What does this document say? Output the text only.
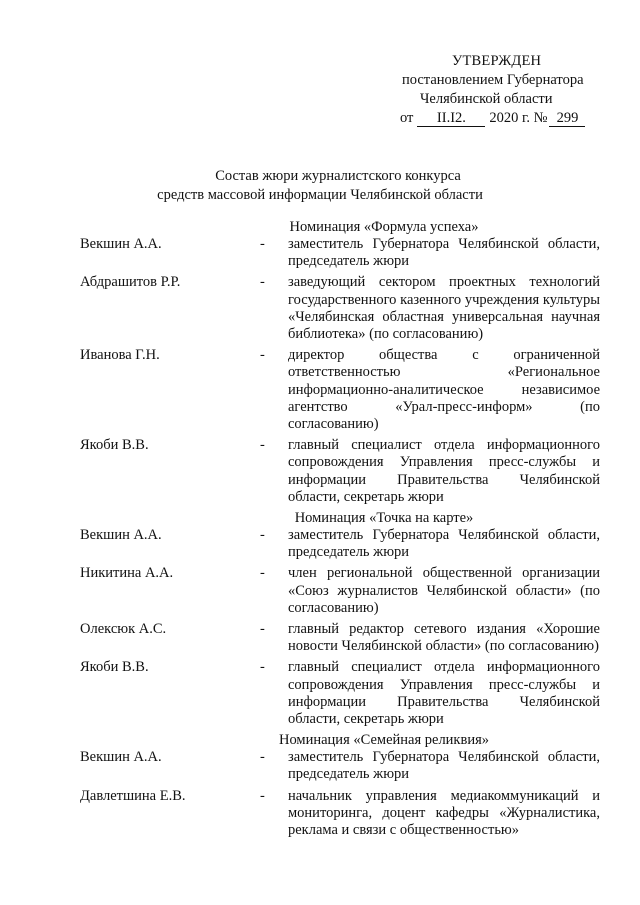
УТВЕРЖДЕН
постановлением Губернатора
Челябинской области
от II.I2. 2020 г. № 299
Состав жюри журналистского конкурса
средств массовой информации Челябинской области
Номинация «Формула успеха»
Векшин А.А.	-	заместитель Губернатора Челябинской области, председатель жюри
Абдрашитов Р.Р.	-	заведующий сектором проектных технологий государственного казенного учреждения культуры «Челябинская областная универсальная научная библиотека» (по согласованию)
Иванова Г.Н.	-	директор общества с ограниченной ответственностью «Региональное информационно-аналитическое независимое агентство «Урал-пресс-информ» (по согласованию)
Якоби В.В.	-	главный специалист отдела информационного сопровождения Управления пресс-службы и информации Правительства Челябинской области, секретарь жюри
Номинация «Точка на карте»
Векшин А.А.	-	заместитель Губернатора Челябинской области, председатель жюри
Никитина А.А.	-	член региональной общественной организации «Союз журналистов Челябинской области» (по согласованию)
Олексюк А.С.	-	главный редактор сетевого издания «Хорошие новости Челябинской области» (по согласованию)
Якоби В.В.	-	главный специалист отдела информационного сопровождения Управления пресс-службы и информации Правительства Челябинской области, секретарь жюри
Номинация «Семейная реликвия»
Векшин А.А.	-	заместитель Губернатора Челябинской области, председатель жюри
Давлетшина Е.В.	-	начальник управления медиакоммуникаций и мониторинга, доцент кафедры «Журналистика, реклама и связи с общественностью»
